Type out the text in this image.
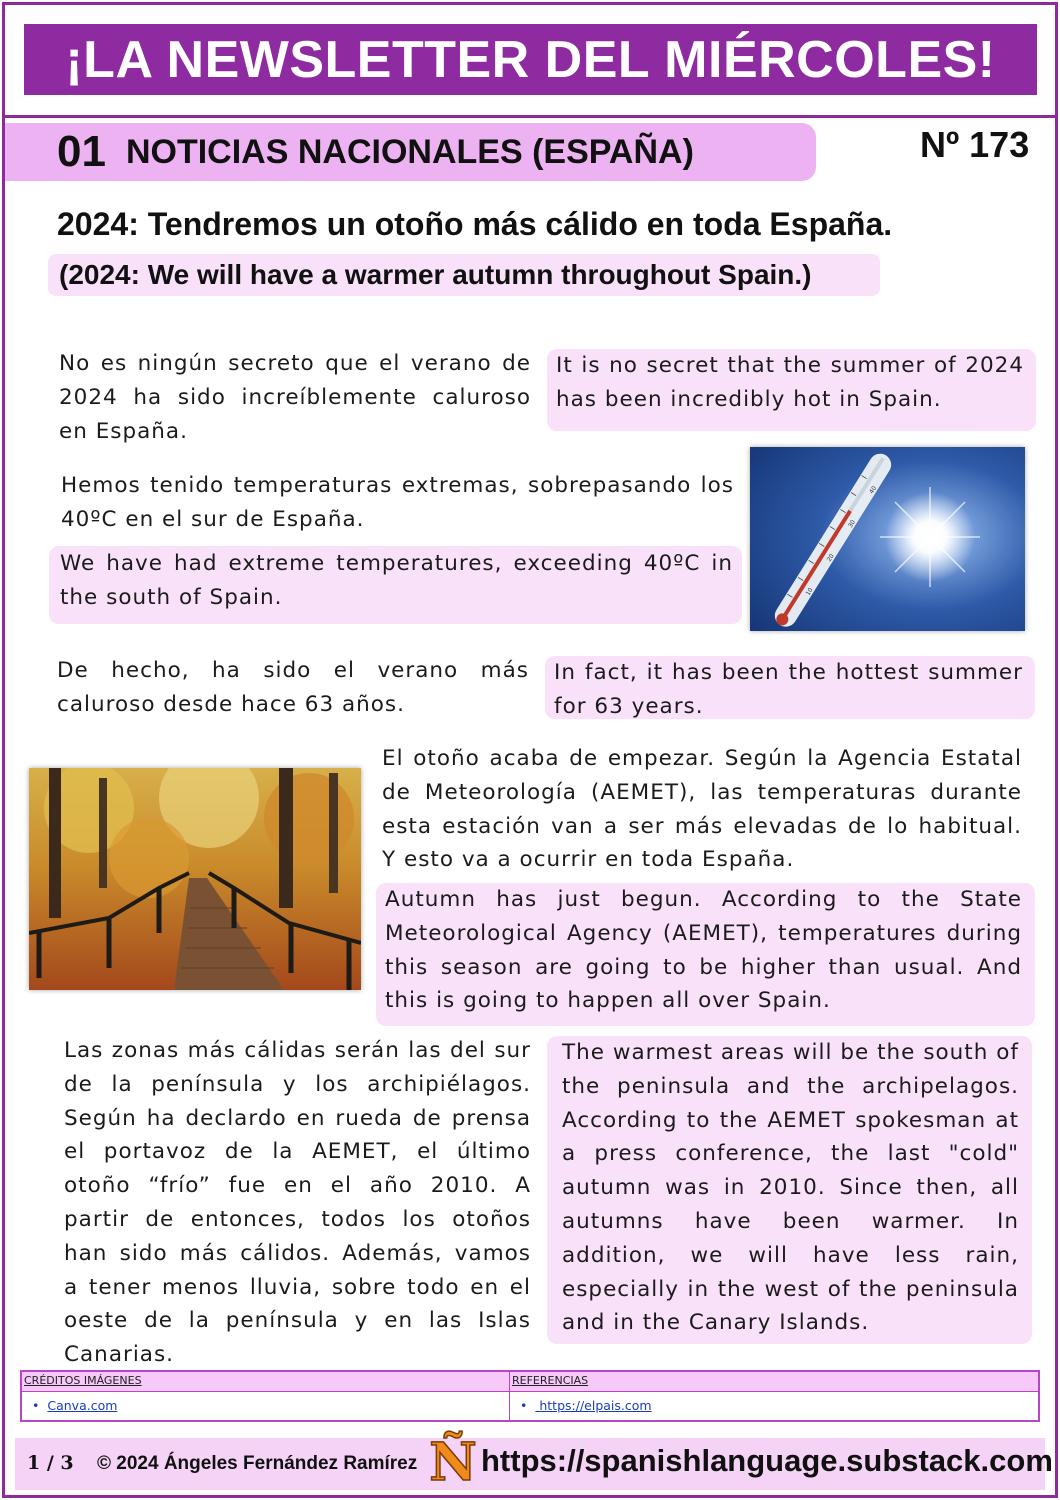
¡LA NEWSLETTER DEL MIÉRCOLES!
01 NOTICIAS NACIONALES (ESPAÑA)	Nº 173
2024: Tendremos un otoño más cálido en toda España.
(2024: We will have a warmer autumn throughout Spain.)
No es ningún secreto que el verano de 2024 ha sido increíblemente caluroso en España.
It is no secret that the summer of 2024 has been incredibly hot in Spain.
Hemos tenido temperaturas extremas, sobrepasando los 40ºC en el sur de España.
We have had extreme temperatures, exceeding 40ºC in the south of Spain.	10
20
30
40
De hecho, ha sido el verano más caluroso desde hace 63 años.
In fact, it has been the hottest summer for 63 years.
El otoño acaba de empezar. Según la Agencia Estatal de Meteorología (AEMET), las temperaturas durante esta estación van a ser más elevadas de lo habitual. Y esto va a ocurrir en toda España.
Autumn has just begun. According to the State Meteorological Agency (AEMET), temperatures during this season are going to be higher than usual. And this is going to happen all over Spain.
Las zonas más cálidas serán las del sur de la península y los archipiélagos. Según ha declardo en rueda de prensa el portavoz de la AEMET, el último otoño “frío” fue en el año 2010. A partir de entonces, todos los otoños han sido más cálidos. Además, vamos a tener menos lluvia, sobre todo en el oeste de la península y en las Islas Canarias.
The warmest areas will be the south of the peninsula and the archipelagos. According to the AEMET spokesman at a press conference, the last "cold" autumn was in 2010. Since then, all autumns have been warmer. In addition, we will have less rain, especially in the west of the peninsula and in the Canary Islands.
CRÉDITOS IMÁGENES	REFERENCIAS
• Canva.com	• https://elpais.com
1 / 3 © 2024 Ángeles Fernández Ramírez Ñ https://spanishlanguage.substack.com
